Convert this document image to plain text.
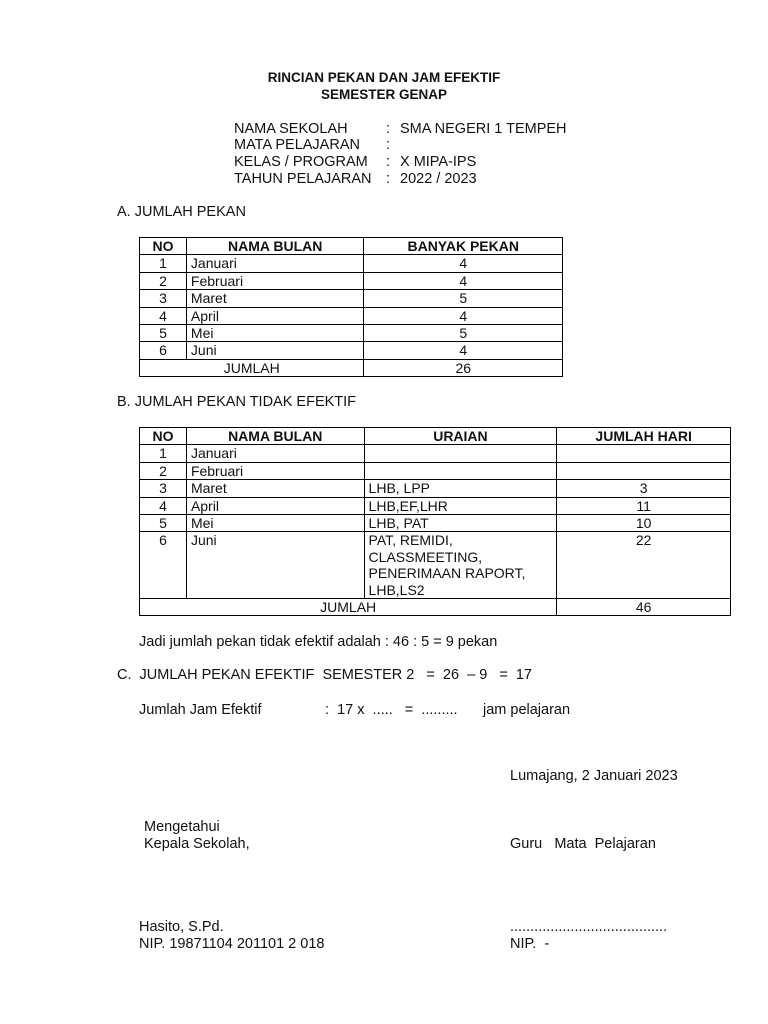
RINCIAN PEKAN DAN JAM EFEKTIF
SEMESTER GENAP
NAMA SEKOLAH	: SMA NEGERI 1 TEMPEH
MATA PELAJARAN :
KELAS / PROGRAM : X MIPA-IPS
TAHUN PELAJARAN : 2022 / 2023
A. JUMLAH PEKAN
NO	NAMA BULAN	BANYAK PEKAN
1	Januari	4
2	Februari	4
3	Maret	5
4	April	4
5	Mei	5
6	Juni	4
JUMLAH		26
B. JUMLAH PEKAN TIDAK EFEKTIF
NO	NAMA BULAN	URAIAN	JUMLAH HARI
1	Januari		
2	Februari		
3	Maret	LHB, LPP	3
4	April	LHB,EF,LHR	11
5	Mei	LHB, PAT	10
6	Juni	PAT, REMIDI,
CLASSMEETING,
PENERIMAAN RAPORT,
LHB,LS2	22
JUMLAH			46
Jadi jumlah pekan tidak efektif adalah : 46 : 5 = 9 pekan
C.  JUMLAH PEKAN EFEKTIF  SEMESTER 2   =  26  – 9   =  17
Jumlah Jam Efektif	:  17 x  .....   =  ......... jam pelajaran
Lumajang, 2 Januari 2023
Mengetahui
Kepala Sekolah,	Guru   Mata  Pelajaran
Hasito, S.Pd.
NIP. 19871104 201101 2 018
.......................................
NIP.  -
